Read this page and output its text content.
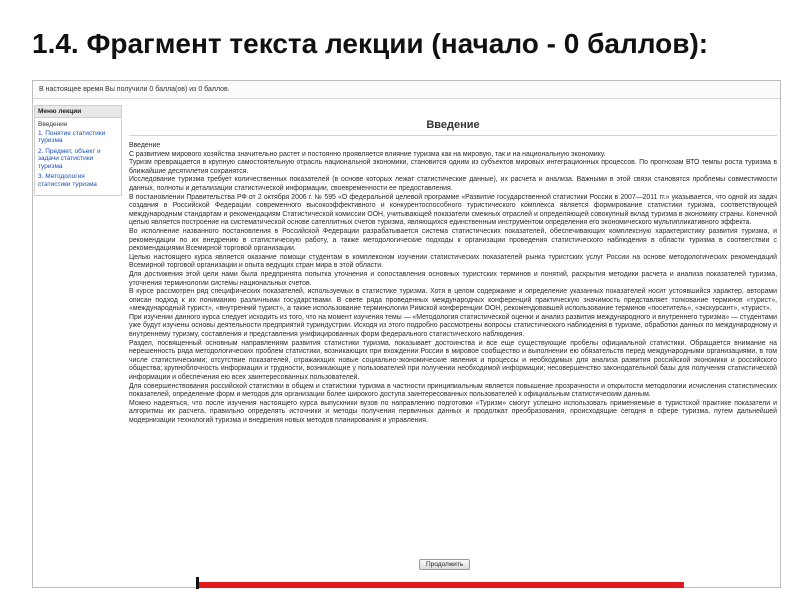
1.4. Фрагмент текста лекции (начало - 0 баллов):
В настоящее время Вы получили 0 балла(ов) из 0 баллов.
Меню лекции
Введение
1. Понятие статистики туризма
2. Предмет, объект и задачи статистики туризма
3. Методология статистики туризма
Введение
Введение

С развитием мирового хозяйства значительно растет и постоянно проявляется влияние туризма как на мировую, так и на национальную экономику.

Туризм превращается в крупную самостоятельную отрасль национальной экономики, становится одним из субъектов мировых интеграционных процессов. По прогнозам ВТО темпы роста туризма в ближайшие десятилетия сохранятся.

Исследование туризма требует количественных показателей (в основе которых лежат статистические данные), их расчета и анализа. Важными в этой связи становятся проблемы совместимости данных, полноты и детализации статистической информации, своевременности ее предоставления.

В постановлении Правительства РФ от 2 октября 2006 г. № 595 «О федеральной целевой программе «Развитие государственной статистики России в 2007—2011 гг.» указывается, что одной из задач создания в Российской Федерации современного высокоэффективного и конкурентоспособного туристического комплекса является формирование статистики туризма, соответствующей международным стандартам и рекомендациям Статистической комиссии ООН, учитывающей показатели смежных отраслей и определяющей совокупный вклад туризма в экономику страны. Конечной целью является построение на систематической основе сателлитных счетов туризма, являющихся единственным инструментом определения его экономического мультипликативного эффекта.

Во исполнение названного постановления в Российской Федерации разрабатывается система статистических показателей, обеспечивающих комплексную характеристику развития туризма, и рекомендации по их внедрению в статистическую работу, а также методологические подходы к организации проведения статистического наблюдения в области туризма в соответствии с рекомендациями Всемирной торговой организации.

Целью настоящего курса является оказание помощи студентам в комплексном изучении статистических показателей рынка туристских услуг России на основе методологических рекомендаций Всемирной торговой организации и опыта ведущих стран мира в этой области.

Для достижения этой цели нами была предпринята попытка уточнения и сопоставления основных туристских терминов и понятий, раскрытия методики расчета и анализа показателей туризма, уточнения терминологии системы национальных счетов.

В курсе рассмотрен ряд специфических показателей, используемых в статистике туризма. Хотя в целом содержание и определение указанных показателей носит устоявшийся характер, авторами описан подход к их пониманию различными государствами. В свете ряда проведенных международных конференций практическую значимость представляет толкование терминов «турист», «международный турист», «внутренний турист», а также использование терминологии Римской конференции ООН, рекомендовавшей использование терминов «посетитель», «экскурсант», «турист».

При изучении данного курса следует исходить из того, что на момент изучения темы — «Методология статистической оценки и анализ развития международного и внутреннего туризма» — студентами уже будут изучены основы деятельности предприятий туриндустрии. Исходя из этого подробно рассмотрены вопросы статистического наблюдения в туризме, обработки данных по международному и внутреннему туризму, составления и представления унифицированных форм федерального статистического наблюдения.

Раздел, посвященный основным направлениям развития статистики туризма, показывает достоинства и все еще существующие пробелы официальной статистики. Обращается внимание на нерешенность ряда методологических проблем статистики, возникающих при вхождении России в мировое сообщество и выполнении ею обязательств перед международными организациями, в том числе статистическими; отсутствие показателей, отражающих новые социально-экономические явления и процессы и необходимых для анализа развития российской экономики и российского общества; крупноблочность информации и трудности, возникающие у пользователей при получении необходимой информации; несовершенство законодательной базы для получения статистической информации и обеспечения ею всех заинтересованных пользователей.

Для совершенствования российской статистики в общем и статистики туризма в частности принципиальным является повышение прозрачности и открытости методологии исчисления статистических показателей, определение форм и методов для организации более широкого доступа заинтересованных пользователей к официальным статистическим данным.

Можно надеяться, что после изучения настоящего курса выпускники вузов по направлению подготовки «Туризм» смогут успешно использовать применяемые в туристской практике показатели и алгоритмы их расчета, правильно определять источники и методы получения первичных данных и продолжат преобразования, происходящие сегодня в сфере туризма, путем дальнейшей модернизации технологий туризма и внедрения новых методов планирования и управления.

Продолжить
